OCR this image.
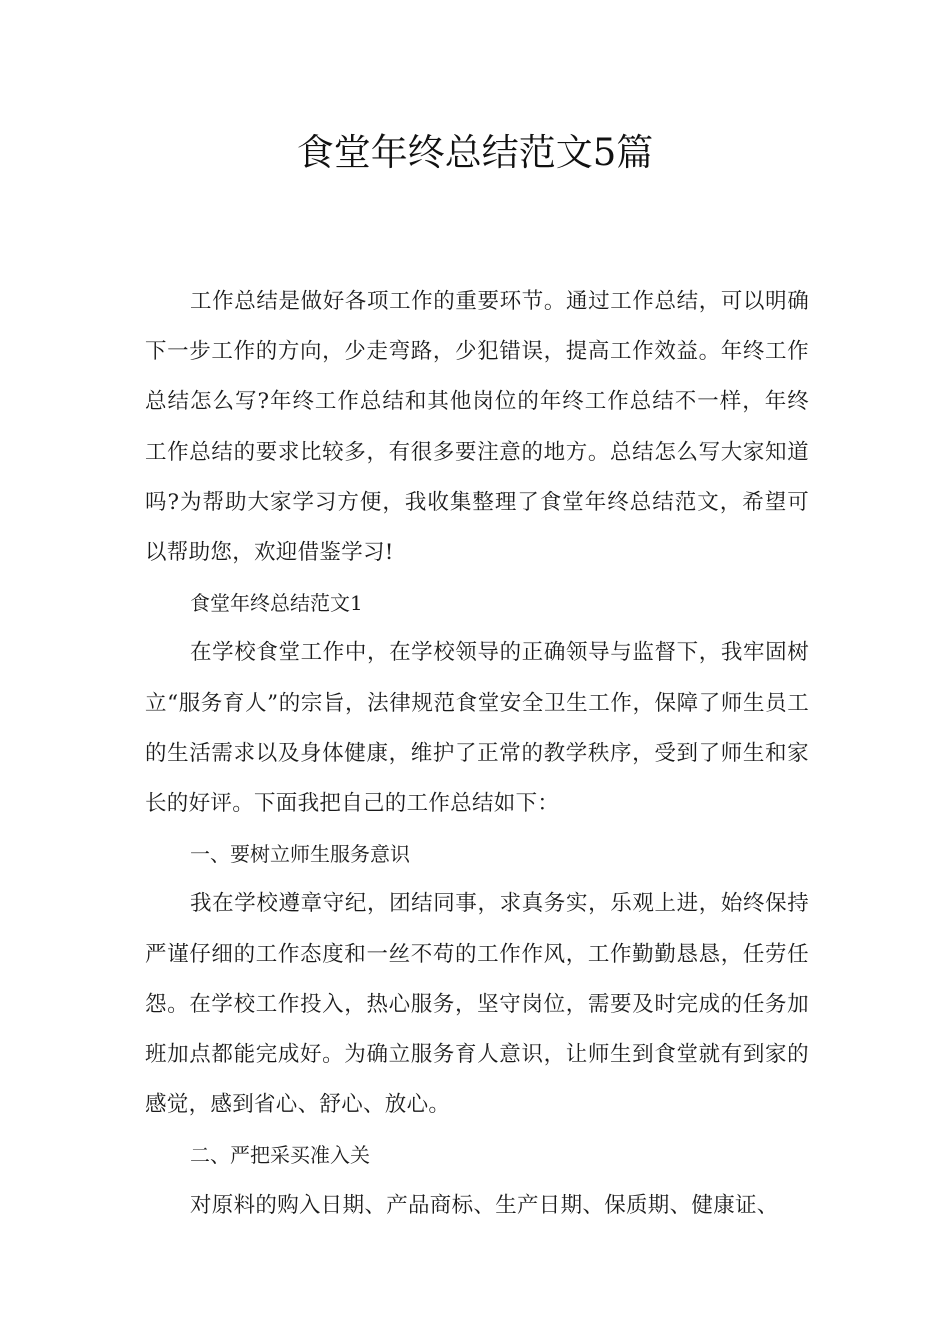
食堂年终总结范文5篇

工作总结是做好各项工作的重要环节。通过工作总结，可以明确下一步工作的方向，少走弯路，少犯错误，提高工作效益。年终工作总结怎么写?年终工作总结和其他岗位的年终工作总结不一样，年终工作总结的要求比较多，有很多要注意的地方。总结怎么写大家知道吗?为帮助大家学习方便，我收集整理了食堂年终总结范文，希望可以帮助您，欢迎借鉴学习!

食堂年终总结范文1

在学校食堂工作中，在学校领导的正确领导与监督下，我牢固树立“服务育人”的宗旨，法律规范食堂安全卫生工作，保障了师生员工的生活需求以及身体健康，维护了正常的教学秩序，受到了师生和家长的好评。下面我把自己的工作总结如下：

一、要树立师生服务意识

我在学校遵章守纪，团结同事，求真务实，乐观上进，始终保持严谨仔细的工作态度和一丝不苟的工作作风，工作勤勤恳恳，任劳任怨。在学校工作投入，热心服务，坚守岗位，需要及时完成的任务加班加点都能完成好。为确立服务育人意识，让师生到食堂就有到家的感觉，感到省心、舒心、放心。

二、严把采买准入关

对原料的购入日期、产品商标、生产日期、保质期、健康证、
